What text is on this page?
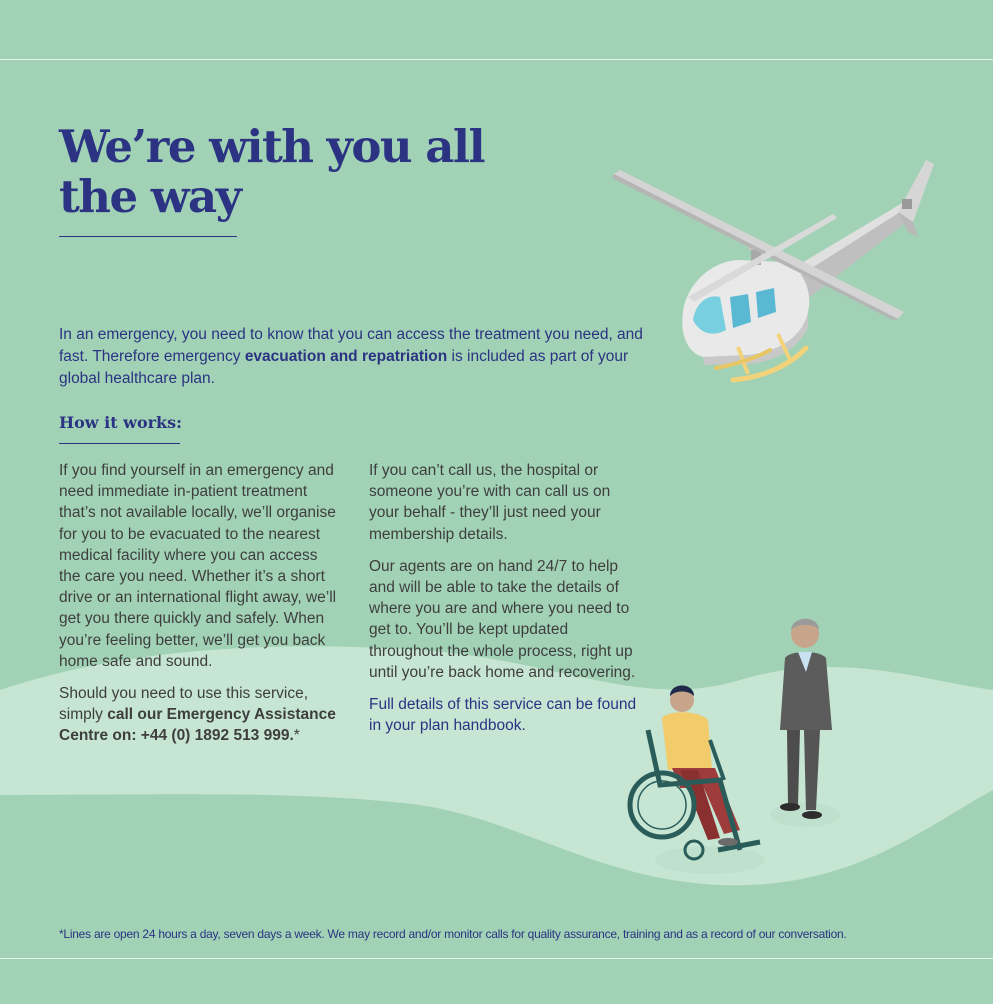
We’re with you all
the way

In an emergency, you need to know that you can access the treatment you need, and fast. Therefore emergency evacuation and repatriation is included as part of your global healthcare plan.

How it works:

If you find yourself in an emergency and need immediate in-patient treatment that’s not available locally, we’ll organise for you to be evacuated to the nearest medical facility where you can access the care you need. Whether it’s a short drive or an international flight away, we’ll get you there quickly and safely. When you’re feeling better, we’ll get you back home safe and sound.

Should you need to use this service, simply call our Emergency Assistance Centre on: +44 (0) 1892 513 999.*

If you can’t call us, the hospital or someone you’re with can call us on your behalf - they’ll just need your membership details.

Our agents are on hand 24/7 to help and will be able to take the details of where you are and where you need to get to. You’ll be kept updated throughout the whole process, right up until you’re back home and recovering.

Full details of this service can be found in your plan handbook.

*Lines are open 24 hours a day, seven days a week. We may record and/or monitor calls for quality assurance, training and as a record of our conversation.
